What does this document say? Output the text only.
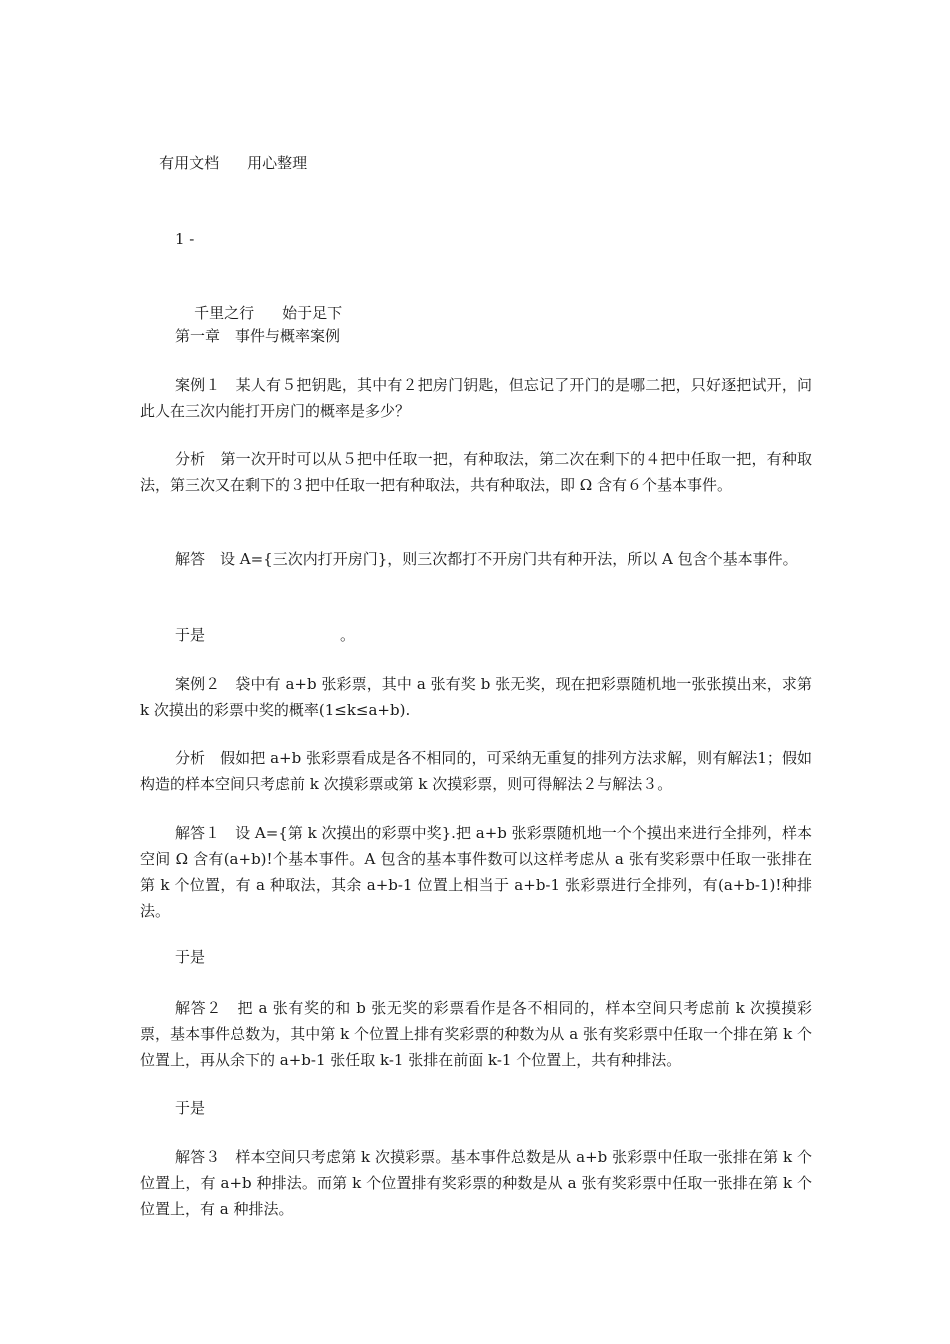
有用文档 用心整理

1 -

千里之行 始于足下

第一章　事件与概率案例

案例１　某人有５把钥匙，其中有２把房门钥匙，但忘记了开门的是哪二把，只好逐把试开，问此人在三次内能打开房门的概率是多少？

分析　第一次开时可以从５把中任取一把，有种取法，第二次在剩下的４把中任取一把，有种取法，第三次又在剩下的３把中任取一把有种取法，共有种取法，即 Ω 含有６个基本事件。

解答　设 A={三次内打开房门}，则三次都打不开房门共有种开法，所以 A 包含个基本事件。

于是　　　　　　　　　。

案例２　袋中有 a+b 张彩票，其中 a 张有奖 b 张无奖，现在把彩票随机地一张张摸出来，求第 k 次摸出的彩票中奖的概率(1≤k≤a+b).

分析　假如把 a+b 张彩票看成是各不相同的，可采纳无重复的排列方法求解，则有解法1；假如构造的样本空间只考虑前 k 次摸彩票或第 k 次摸彩票，则可得解法２与解法３。

解答１　设 A={第 k 次摸出的彩票中奖}.把 a+b 张彩票随机地一个个摸出来进行全排列，样本空间 Ω 含有(a+b)!个基本事件。A 包含的基本事件数可以这样考虑从 a 张有奖彩票中任取一张排在第 k 个位置，有 a 种取法，其余 a+b-1 位置上相当于 a+b-1 张彩票进行全排列，有(a+b-1)!种排法。

于是

解答２　把 a 张有奖的和 b 张无奖的彩票看作是各不相同的，样本空间只考虑前 k 次摸摸彩票，基本事件总数为，其中第 k 个位置上排有奖彩票的种数为从 a 张有奖彩票中任取一个排在第 k 个位置上，再从余下的 a+b-1 张任取 k-1 张排在前面 k-1 个位置上，共有种排法。

于是

解答３　样本空间只考虑第 k 次摸彩票。基本事件总数是从 a+b 张彩票中任取一张排在第 k 个位置上，有 a+b 种排法。而第 k 个位置排有奖彩票的种数是从 a 张有奖彩票中任取一张排在第 k 个位置上，有 a 种排法。
